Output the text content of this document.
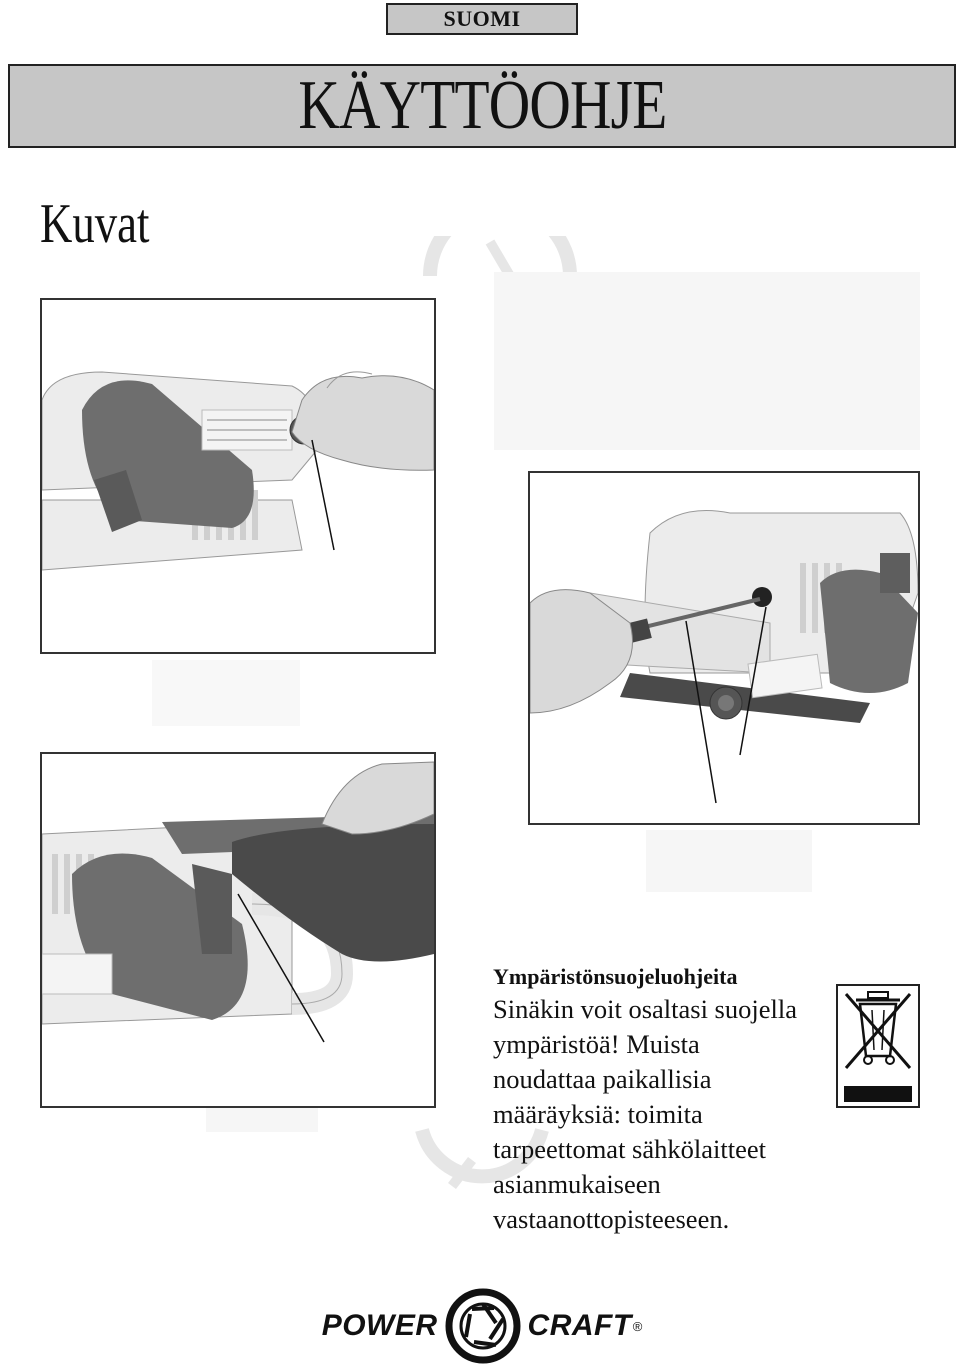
SUOMI
KÄYTTÖOHJE
Kuvat
Justeringsknap
Indgang til Kul
Skruetrækker
Montering af støvsugerpose
Ympäristönsuojeluohjeita
Sinäkin voit osaltasi suojella
ympäristöä! Muista
noudattaa paikallisia
määräyksiä: toimita
tarpeettomat sähkölaitteet
asianmukaiseen
vastaanottopisteeseen.
POWER	CRAFT ®
